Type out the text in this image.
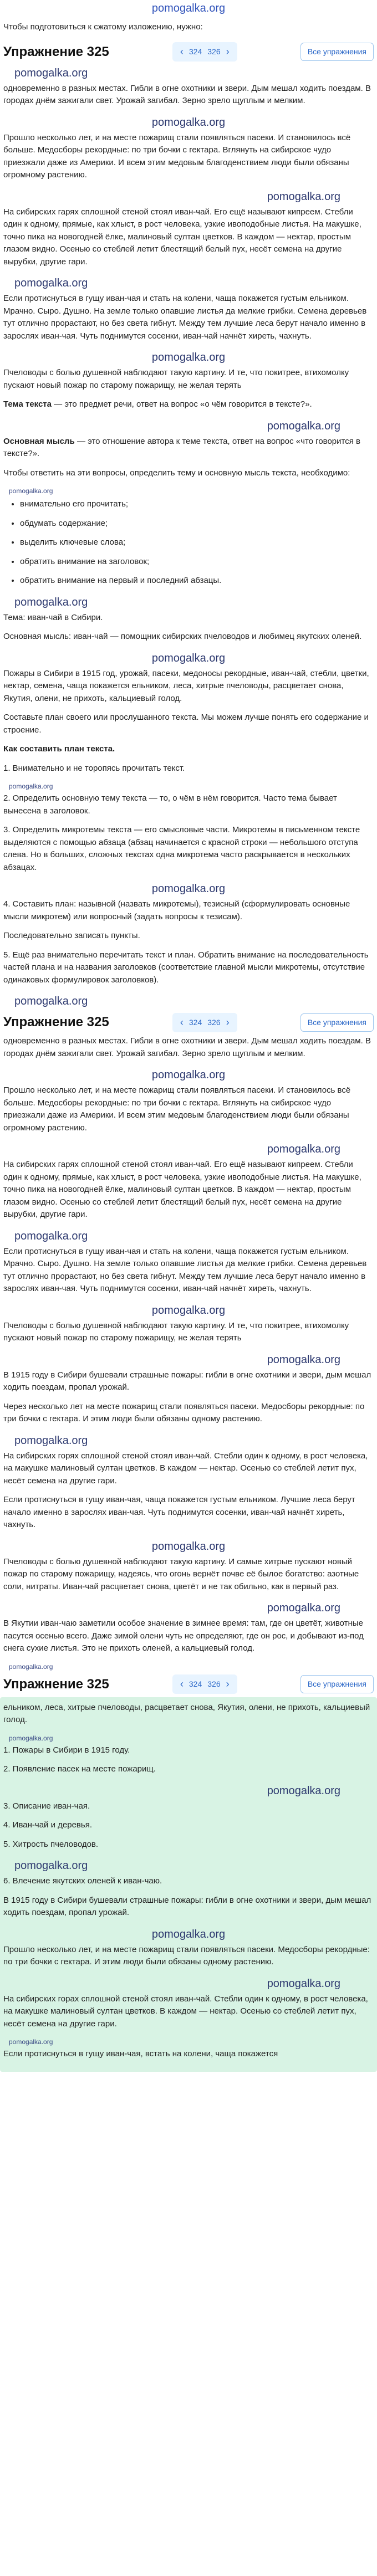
pomogalka.org

Чтобы подготовиться к сжатому изложению, нужно:

Упражнение 325	‹ 324 326 ›	Все упражнения
pomogalka.org

одновременно в разных местах. Гибли в огне охотники и звери. Дым мешал ходить поездам. В городах днём зажигали свет. Урожай загибал. Зерно зрело щуплым и мелким.

pomogalka.org

Прошло несколько лет, и на месте пожарищ стали появляться пасеки. И становилось всё больше. Медосборы рекордные: по три бочки с гектара. Вглянуть на сибирское чудо приезжали даже из Америки. И всем этим медовым благоденствием люди были обязаны огромному растению.

pomogalka.org

На сибирских гарях сплошной стеной стоял иван-чай. Его ещё называют кипреем. Стебли один к одному, прямые, как хлыст, в рост человека, узкие ивоподобные листья. На макушке, точно пика на новогодней ёлке, малиновый султан цветков. В каждом — нектар, простым глазом видно. Осенью со стеблей летит блестящий белый пух, несёт семена на другие вырубки, другие гари.

pomogalka.org

Если протиснуться в гущу иван-чая и стать на колени, чаща покажется густым ельником. Мрачно. Сыро. Душно. На земле только опавшие листья да мелкие грибки. Семена деревьев тут отлично прорастают, но без света гибнут. Между тем лучшие леса берут начало именно в зарослях иван-чая. Чуть поднимутся сосенки, иван-чай начнёт хиреть, чахнуть.

pomogalka.org

Пчеловоды с болью душевной наблюдают такую картину. И те, что покитрее, втихомолку пускают новый пожар по старому пожарищу, не желая терять

Тема текста — это предмет речи, ответ на вопрос «о чём говорится в тексте?».

pomogalka.org

Основная мысль — это отношение автора к теме текста, ответ на вопрос «что говорится в тексте?».

Чтобы ответить на эти вопросы, определить тему и основную мысль текста, необходимо:

pomogalka.org
• внимательно его прочитать;
• обдумать содержание;
• выделить ключевые слова;
• обратить внимание на заголовок;
• обратить внимание на первый и последний абзацы.
pomogalka.org

Тема: иван-чай в Сибири.

Основная мысль: иван-чай — помощник сибирских пчеловодов и любимец якутских оленей.

pomogalka.org

Пожары в Сибири в 1915 год, урожай, пасеки, медоносы рекордные, иван-чай, стебли, цветки, нектар, семена, чаща покажется ельником, леса, хитрые пчеловоды, расцветает снова, Якутия, олени, не прихоть, кальциевый голод.

Составьте план своего или прослушанного текста. Мы можем лучше понять его содержание и строение.

Как составить план текста.

1. Внимательно и не торопясь прочитать текст.

pomogalka.org

2. Определить основную тему текста — то, о чём в нём говорится. Часто тема бывает вынесена в заголовок.

3. Определить микротемы текста — его смысловые части. Микротемы в письменном тексте выделяются с помощью абзаца (абзац начинается с красной строки — небольшого отступа слева. Но в больших, сложных текстах одна микротема часто раскрывается в нескольких абзацах.

pomogalka.org

4. Составить план: назывной (назвать микротемы), тезисный (сформулировать основные мысли микротем) или вопросный (задать вопросы к тезисам).

Последовательно записать пункты.

5. Ещё раз внимательно перечитать текст и план. Обратить внимание на последовательность частей плана и на названия заголовков (соответствие главной мысли микротемы, отсутствие одинаковых формулировок заголовков).

pomogalka.org
Упражнение 325	‹ 324 326 ›	Все упражнения

одновременно в разных местах. Гибли в огне охотники и звери. Дым мешал ходить поездам. В городах днём зажигали свет. Урожай загибал. Зерно зрело щуплым и мелким.

pomogalka.org

Прошло несколько лет, и на месте пожарищ стали появляться пасеки. И становилось всё больше. Медосборы рекордные: по три бочки с гектара. Вглянуть на сибирское чудо приезжали даже из Америки. И всем этим медовым благоденствием люди были обязаны огромному растению.

pomogalka.org

На сибирских гарях сплошной стеной стоял иван-чай. Его ещё называют кипреем. Стебли один к одному, прямые, как хлыст, в рост человека, узкие ивоподобные листья. На макушке, точно пика на новогодней ёлке, малиновый султан цветков. В каждом — нектар, простым глазом видно. Осенью со стеблей летит блестящий белый пух, несёт семена на другие вырубки, другие гари.

pomogalka.org

Если протиснуться в гущу иван-чая и стать на колени, чаща покажется густым ельником. Мрачно. Сыро. Душно. На земле только опавшие листья да мелкие грибки. Семена деревьев тут отлично прорастают, но без света гибнут. Между тем лучшие леса берут начало именно в зарослях иван-чая. Чуть поднимутся сосенки, иван-чай начнёт хиреть, чахнуть.

pomogalka.org

Пчеловоды с болью душевной наблюдают такую картину. И те, что покитрее, втихомолку пускают новый пожар по старому пожарищу, не желая терять

pomogalka.org

В 1915 году в Сибири бушевали страшные пожары: гибли в огне охотники и звери, дым мешал ходить поездам, пропал урожай.

Через несколько лет на месте пожарищ стали появляться пасеки. Медосборы рекордные: по три бочки с гектара. И этим люди были обязаны одному растению.

pomogalka.org

На сибирских горях сплошной стеной стоял иван-чай. Стебли один к одному, в рост человека, на макушке малиновый султан цветков. В каждом — нектар. Осенью со стеблей летит пух, несёт семена на другие гари.

Если протиснуться в гущу иван-чая, чаща покажется густым ельником. Лучшие леса берут начало именно в зарослях иван-чая. Чуть поднимутся сосенки, иван-чай начнёт хиреть, чахнуть.

pomogalka.org

Пчеловоды с болью душевной наблюдают такую картину. И самые хитрые пускают новый пожар по старому пожарищу, надеясь, что огонь вернёт почве её былое богатство: азотные соли, нитраты. Иван-чай расцветает снова, цветёт и не так обильно, как в первый раз.

pomogalka.org

В Якутии иван-чаю заметили особое значение в зимнее время: там, где он цветёт, животные пасутся осенью всего. Даже зимой олени чуть не определяют, где он рос, и добывают из-под снега сухие листья. Это не прихоть оленей, а кальциевый голод.

pomogalka.org
Упражнение 325	‹ 324 326 ›	Все упражнения

ельником, леса, хитрые пчеловоды, расцветает снова, Якутия, олени, не прихоть, кальциевый голод.

pomogalka.org

1. Пожары в Сибири в 1915 году.

2. Появление пасек на месте пожарищ.

pomogalka.org

3. Описание иван-чая.

4. Иван-чай и деревья.

5. Хитрость пчеловодов.

pomogalka.org

6. Влечение якутских оленей к иван-чаю.

В 1915 году в Сибири бушевали страшные пожары: гибли в огне охотники и звери, дым мешал ходить поездам, пропал урожай.

pomogalka.org

Прошло несколько лет, и на месте пожарищ стали появляться пасеки. Медосборы рекордные: по три бочки с гектара. И этим люди были обязаны одному растению.

pomogalka.org

На сибирских горах сплошной стеной стоял иван-чай. Стебли один к одному, в рост человека, на макушке малиновый султан цветков. В каждом — нектар. Осенью со стеблей летит пух, несёт семена на другие гари.

pomogalka.org

Если протиснуться в гущу иван-чая, встать на колени, чаща покажется
